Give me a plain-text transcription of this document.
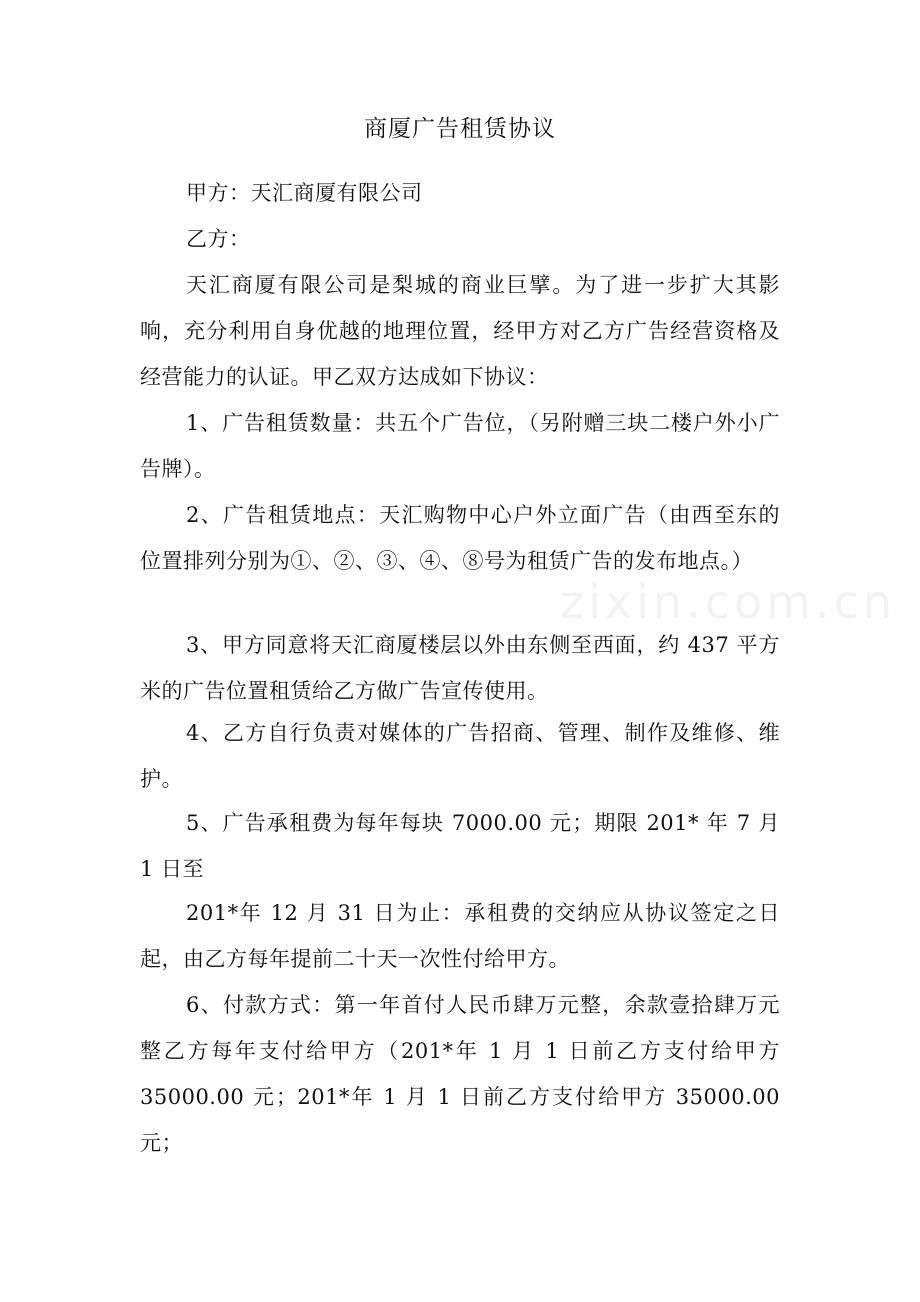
商厦广告租赁协议

甲方：天汇商厦有限公司

乙方：

天汇商厦有限公司是梨城的商业巨擘。为了进一步扩大其影响，充分利用自身优越的地理位置，经甲方对乙方广告经营资格及经营能力的认证。甲乙双方达成如下协议：

1、广告租赁数量：共五个广告位，（另附赠三块二楼户外小广告牌）。

2、广告租赁地点：天汇购物中心户外立面广告（由西至东的位置排列分别为①、②、③、④、⑧号为租赁广告的发布地点。）

3、甲方同意将天汇商厦楼层以外由东侧至西面，约 437 平方米的广告位置租赁给乙方做广告宣传使用。

4、乙方自行负责对媒体的广告招商、管理、制作及维修、维护。

5、广告承租费为每年每块 7000.00 元；期限 201* 年 7 月 1 日至

201*年 12 月 31 日为止：承租费的交纳应从协议签定之日起，由乙方每年提前二十天一次性付给甲方。

6、付款方式：第一年首付人民币肆万元整，余款壹拾肆万元整乙方每年支付给甲方（201*年 1 月 1 日前乙方支付给甲方 35000.00 元；201*年 1 月 1 日前乙方支付给甲方 35000.00 元；

zixin.com.cn
